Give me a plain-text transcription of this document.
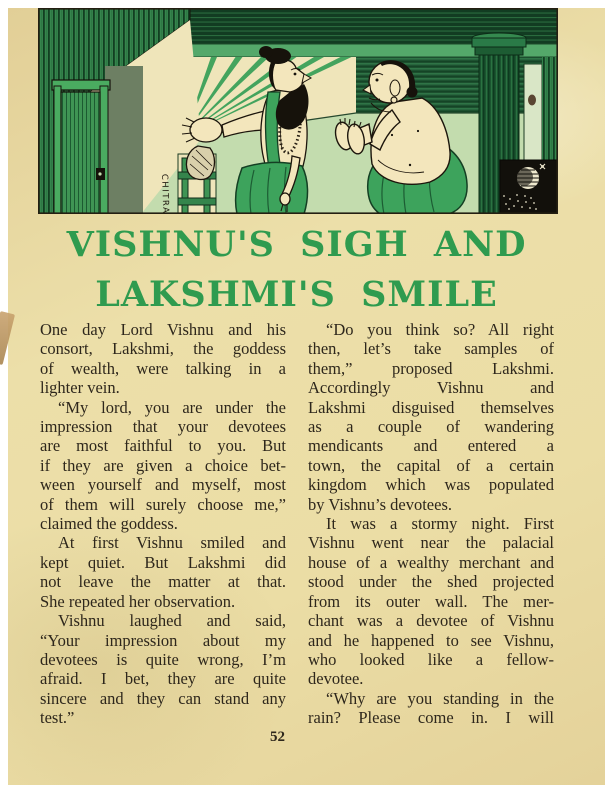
CHITRA
VISHNU'S SIGH AND
LAKSHMI'S SMILE
One day Lord Vishnu and his
consort, Lakshmi, the goddess
of wealth, were talking in a
lighter vein.
“My lord, you are under the
impression that your devotees
are most faithful to you. But
if they are given a choice bet-
ween yourself and myself, most
of them will surely choose me,”
claimed the goddess.
At first Vishnu smiled and
kept quiet. But Lakshmi did
not leave the matter at that.
She repeated her observation.
Vishnu laughed and said,
“Your impression about my
devotees is quite wrong, I’m
afraid. I bet, they are quite
sincere and they can stand any
test.”
“Do you think so? All right
then, let’s take samples of
them,” proposed Lakshmi.
Accordingly Vishnu and
Lakshmi disguised themselves
as a couple of wandering
mendicants and entered a
town, the capital of a certain
kingdom which was populated
by Vishnu’s devotees.
It was a stormy night. First
Vishnu went near the palacial
house of a wealthy merchant and
stood under the shed projected
from its outer wall. The mer-
chant was a devotee of Vishnu
and he happened to see Vishnu,
who looked like a fellow-
devotee.
“Why are you standing in the
rain? Please come in. I will
52
